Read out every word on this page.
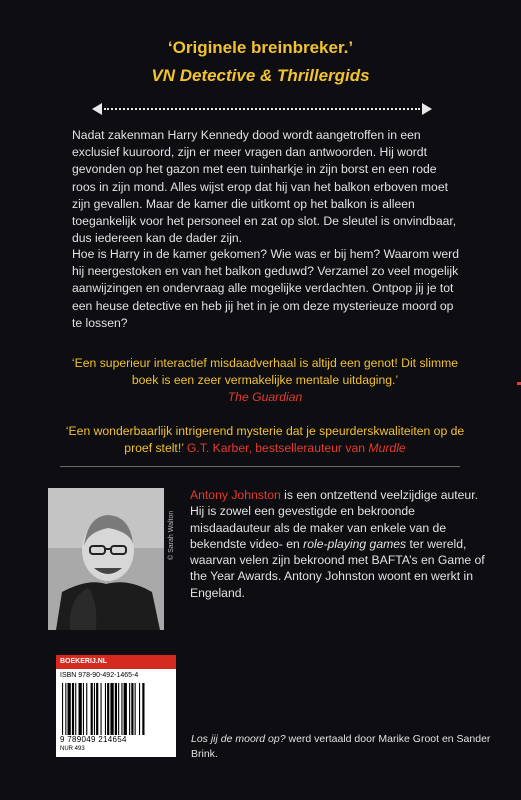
‘Originele breinbreker.’
VN Detective & Thrillergids
Nadat zakenman Harry Kennedy dood wordt aangetroffen in een exclusief kuuroord, zijn er meer vragen dan antwoorden. Hij wordt gevonden op het gazon met een tuinharkje in zijn borst en een rode roos in zijn mond. Alles wijst erop dat hij van het balkon erboven moet zijn gevallen. Maar de kamer die uitkomt op het balkon is alleen toegankelijk voor het personeel en zat op slot. De sleutel is onvindbaar, dus iedereen kan de dader zijn.
Hoe is Harry in de kamer gekomen? Wie was er bij hem? Waarom werd hij neergestoken en van het balkon geduwd? Verzamel zo veel mogelijk aanwijzingen en ondervraag alle mogelijke verdachten. Ontpop jij je tot een heuse detective en heb jij het in je om deze mysterieuze moord op te lossen?
‘Een superieur interactief misdaadverhaal is altijd een genot! Dit slimme boek is een zeer vermakelijke mentale uitdaging.’
The Guardian
‘Een wonderbaarlijk intrigerend mysterie dat je speurderskwaliteiten op de proef stelt!’ G.T. Karber, bestsellerauteur van Murdle
© Sarah Walton
Antony Johnston is een ontzettend veelzijdige auteur. Hij is zowel een gevestigde en bekroonde misdaadauteur als de maker van enkele van de bekendste video- en role-playing games ter wereld, waarvan velen zijn bekroond met BAFTA’s en Game of the Year Awards. Antony Johnston woont en werkt in Engeland.
BOEKERIJ.NL
ISBN 978-90-492-1465-4
9 789049 214654
NUR 493
Los jij de moord op? werd vertaald door Marike Groot en Sander Brink.
